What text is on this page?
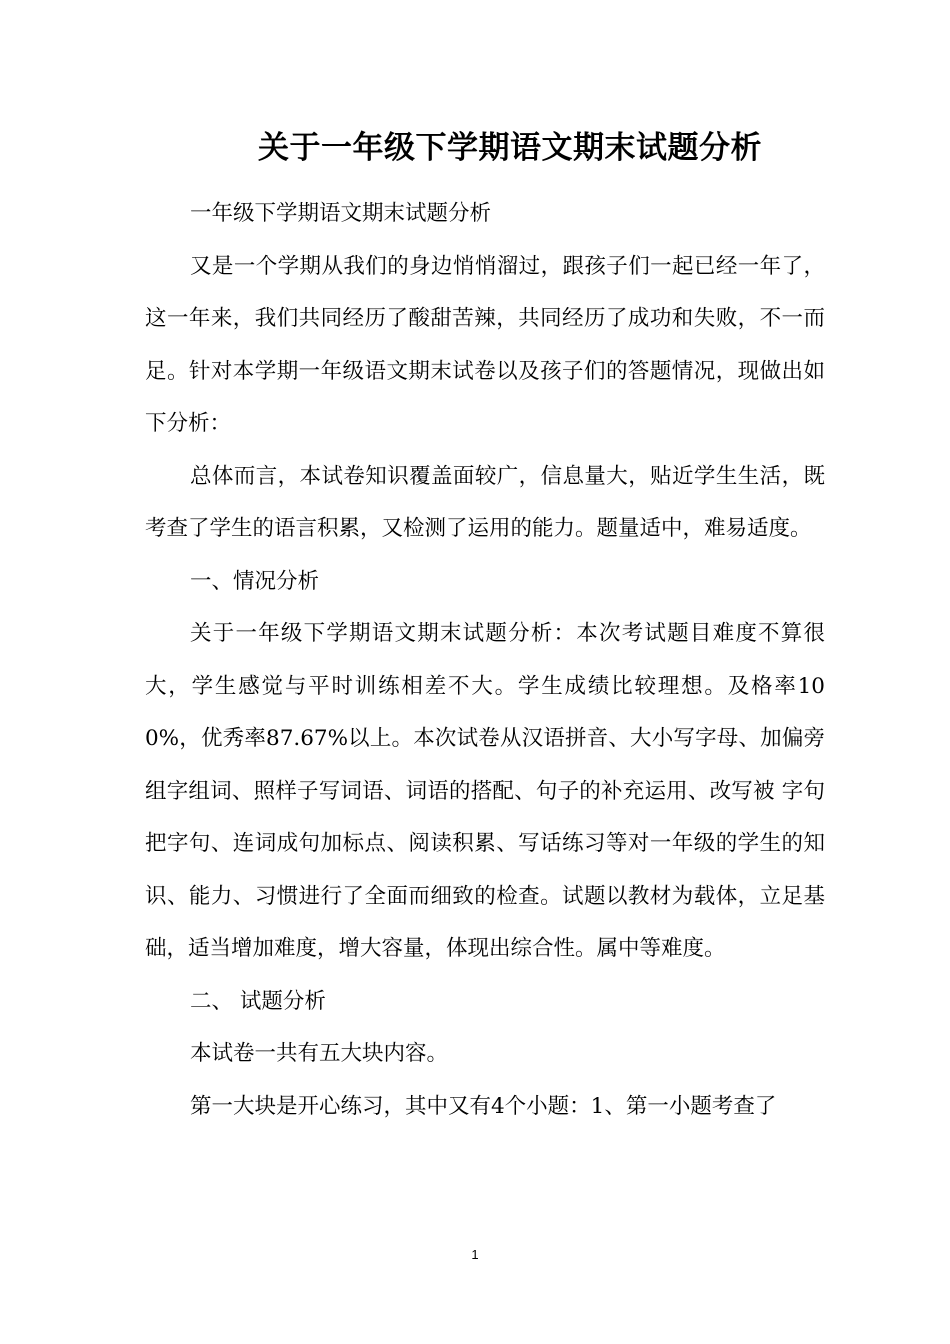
关于一年级下学期语文期末试题分析

一年级下学期语文期末试题分析

又是一个学期从我们的身边悄悄溜过，跟孩子们一起已经一年了，这一年来，我们共同经历了酸甜苦辣，共同经历了成功和失败，不一而足。针对本学期一年级语文期末试卷以及孩子们的答题情况，现做出如下分析：

总体而言，本试卷知识覆盖面较广，信息量大，贴近学生生活，既考查了学生的语言积累，又检测了运用的能力。题量适中，难易适度。

一、情况分析

关于一年级下学期语文期末试题分析：本次考试题目难度不算很大，学生感觉与平时训练相差不大。学生成绩比较理想。及格率100%，优秀率87.67%以上。本次试卷从汉语拼音、大小写字母、加偏旁组字组词、照样子写词语、词语的搭配、句子的补充运用、改写被 字句把字句、连词成句加标点、阅读积累、写话练习等对一年级的学生的知识、能力、习惯进行了全面而细致的检查。试题以教材为载体，立足基础，适当增加难度，增大容量，体现出综合性。属中等难度。

二、 试题分析

本试卷一共有五大块内容。

第一大块是开心练习，其中又有4个小题：1、第一小题考查了

1
